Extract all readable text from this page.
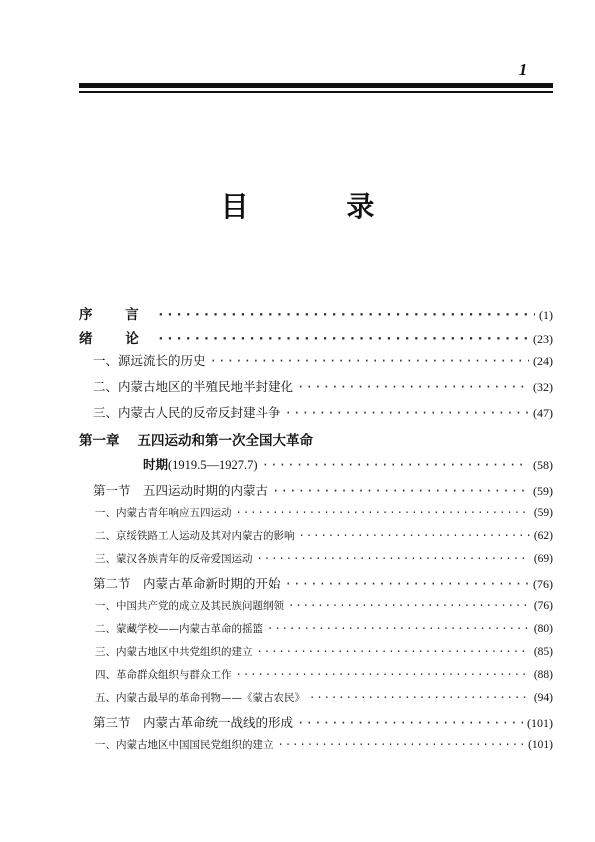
1
目 录
序 言 ·····	(1)
绪 论 ·····	(23)
一、源远流长的历史 ·····	(24)
二、内蒙古地区的半殖民地半封建化 ·····	(32)
三、内蒙古人民的反帝反封建斗争 ·····	(47)
第一章 五四运动和第一次全国大革命
时期 (1919.5—1927.7) ·····	(58)
第一节　五四运动时期的内蒙古 ·····	(59)
一、内蒙古青年响应五四运动 ·····	(59)
二、京绥铁路工人运动及其对内蒙古的影响 ·····	(62)
三、蒙汉各族青年的反帝爱国运动 ·····	(69)
第二节　内蒙古革命新时期的开始 ·····	(76)
一、中国共产党的成立及其民族问题纲领 ·····	(76)
二、蒙藏学校——内蒙古革命的摇篮 ·····	(80)
三、内蒙古地区中共党组织的建立 ·····	(85)
四、革命群众组织与群众工作 ·····	(88)
五、内蒙古最早的革命刊物——《蒙古农民》 ·····	(94)
第三节　内蒙古革命统一战线的形成 ·····	(101)
一、内蒙古地区中国国民党组织的建立 ·····	(101)
